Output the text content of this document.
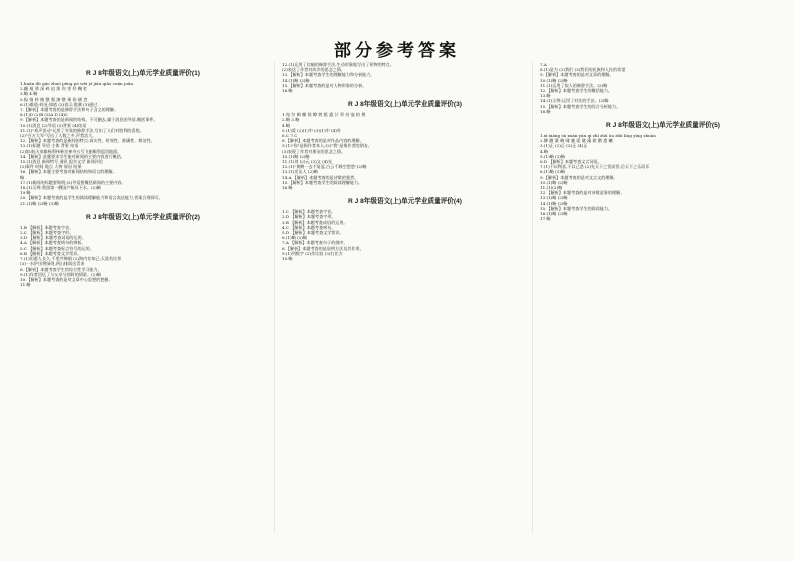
部分参考答案
R J 8年级语文(上)单元学业质量评价(1)
1.huān dù gǎo zhuó pēng pō wēi yí jiān qiǎo cuān juān
2.翻 遁 诱 深 碎 迫 淮 伤 害 抖 鞠 杠
3.略 4.略
5.振 扬 转 踏 整 强 渗 整 乘 扮 刷 怠
6.(1)难道;何况;知道 (2)表示;推测 (3)通过
7.【解析】本题考查的是修辞手法和句子含义的理解。
8.(1)D (2)B (3)A D (4)C
9.【解析】本题考查的是新闻的结构。不可删去,属于消息的导语,概括事件。
10.(1)消息 (2)导语 (3)背景 (4)结语
11.(1)"欢声雷动"运用了夸张的修辞手法,写出了人们对胜利的喜悦。
(2)"百万大军"写出了人数之多,声势浩大。
12.【解析】本题考查的是新闻的特点:真实性、时效性、准确性、简洁性。
13.(1)标题 导语 主体 背景 结语
(2)如:航天英雄杨利伟乘坐神舟五号飞船顺利返回地面。
14.【解析】此题要求学生能对新闻的主要内容进行概括。
15.(1)消息 新闻特写 通讯 报告文学 新闻评论
(2)事件 时间 地点 人物 原因 结果
16.【解析】本题主要考查对新闻结构和语言的理解。
略
17.(1)新闻的标题要简明;(2)导语要概括新闻的主要内容。
18.(1)示例:我国第一艘国产航母下水。(2)略
19.略
20.【解析】本题考查的是学生的阅读理解能力和语言表达能力,答案合理即可。
21.(1)略 (2)略 (3)略
R J 8年级语文(上)单元学业质量评价(2)
1.B 【解析】本题考查字音。
2.C 【解析】本题考查字形。
3.D 【解析】本题考查词语的运用。
4.A 【解析】本题考查病句的辨析。
5.C 【解析】本题考查标点符号的运用。
6.B 【解析】本题考查文学常识。
7.(1)但愿人长久,千里共婵娟 (2)海内存知己,天涯若比邻
(3)一水护田将绿绕,两山排闼送青来
8.【解析】本题考查学生的综合性学习能力。
9.(1)作者回忆了与父亲分别时的情景。(2)略
10.【解析】本题考查的是对文章中心思想的把握。
11.略
12.(1)运用了比喻的修辞手法,生动形象地写出了景物的特点。
(2)表达了作者对故乡的思念之情。
13.【解析】本题考查学生的理解能力和分析能力。
14.(1)略 (2)略
15.【解析】本题考查的是对人物形象的分析。
16.略
R J 8年级语文(上)单元学业质量评价(3)
1.宛 尔 畸 栅 裁 瞭 酋 甄 遣 汁 翠 叁 宴 拾 搀
2.略 3.略
4.略
5.(1)爱 (2)(1)中 (3)(1)中 (4)外
6.C 7.C
8.【解析】本题考查的是对作品内容的理解。
9.(1)"你"是指作者本人;(2)"我"是指作者的朋友。
(3)表现了作者对朋友的思念之情。
10.(1)略 (2)略
11.(1)刘 (2)元 (3)文 (4)光
12.(1)"黄鹤一去不复返,白云千载空悠悠"(2)略
13.(1)送友人 (2)略
14.A 【解析】本题考查的是诗歌的鉴赏。
15.【解析】本题考查学生的阅读理解能力。
16.略
R J 8年级语文(上)单元学业质量评价(4)
1.C 【解析】本题考查字音。
2.D 【解析】本题考查字形。
3.B 【解析】本题考查成语的运用。
4.C 【解析】本题考查病句。
5.D 【解析】本题考查文学常识。
6.(1)略 (2)略
7.A 【解析】本题考查句子的排序。
8.【解析】本题考查的是说明方法及其作用。
9.(1)列数字 (2)作比较 (3)打比方
10.略
7.A
8.(1)是为 (2)我们 (3)我们的民族和人民的希望
9.【解析】本题考查的是对文章的理解。
10.(1)略 (2)略
11.(1)运用了拟人的修辞手法。(2)略
12.【解析】本题考查学生的概括能力。
13.略
14.(1)示例:运用了对比的手法。(2)略
15.【解析】本题考查学生的综合分析能力。
16.略
R J 8年级语文(上)单元学业质量评价(5)
1.xì xiāng sù xuān yān qì zhī zhǔ ōu zhǔ líng yīng zhuàn
2.柳 颤 簧 晦 啸 澈 崖 黛 藻 歇 鹅 遗 曦
3.(1)正 (2)正 (3)正 (4)正
4.略
5.(1)略 (2)略
6.D 【解析】本题考查文言词语。
7.(1)不以物喜,不以己悲 (2)先天下之忧而忧,后天下之乐而乐
8.(1)略 (2)略
9.【解析】本题考查的是对文言文的理解。
10.(1)略 (2)略
11.(1)(2)略
12.【解析】本题考查的是对诗歌意象的理解。
13.(1)略 (2)略
14.(1)略 (2)略
15.【解析】本题考查学生的阅读能力。
16.(1)略 (2)略
17.略
